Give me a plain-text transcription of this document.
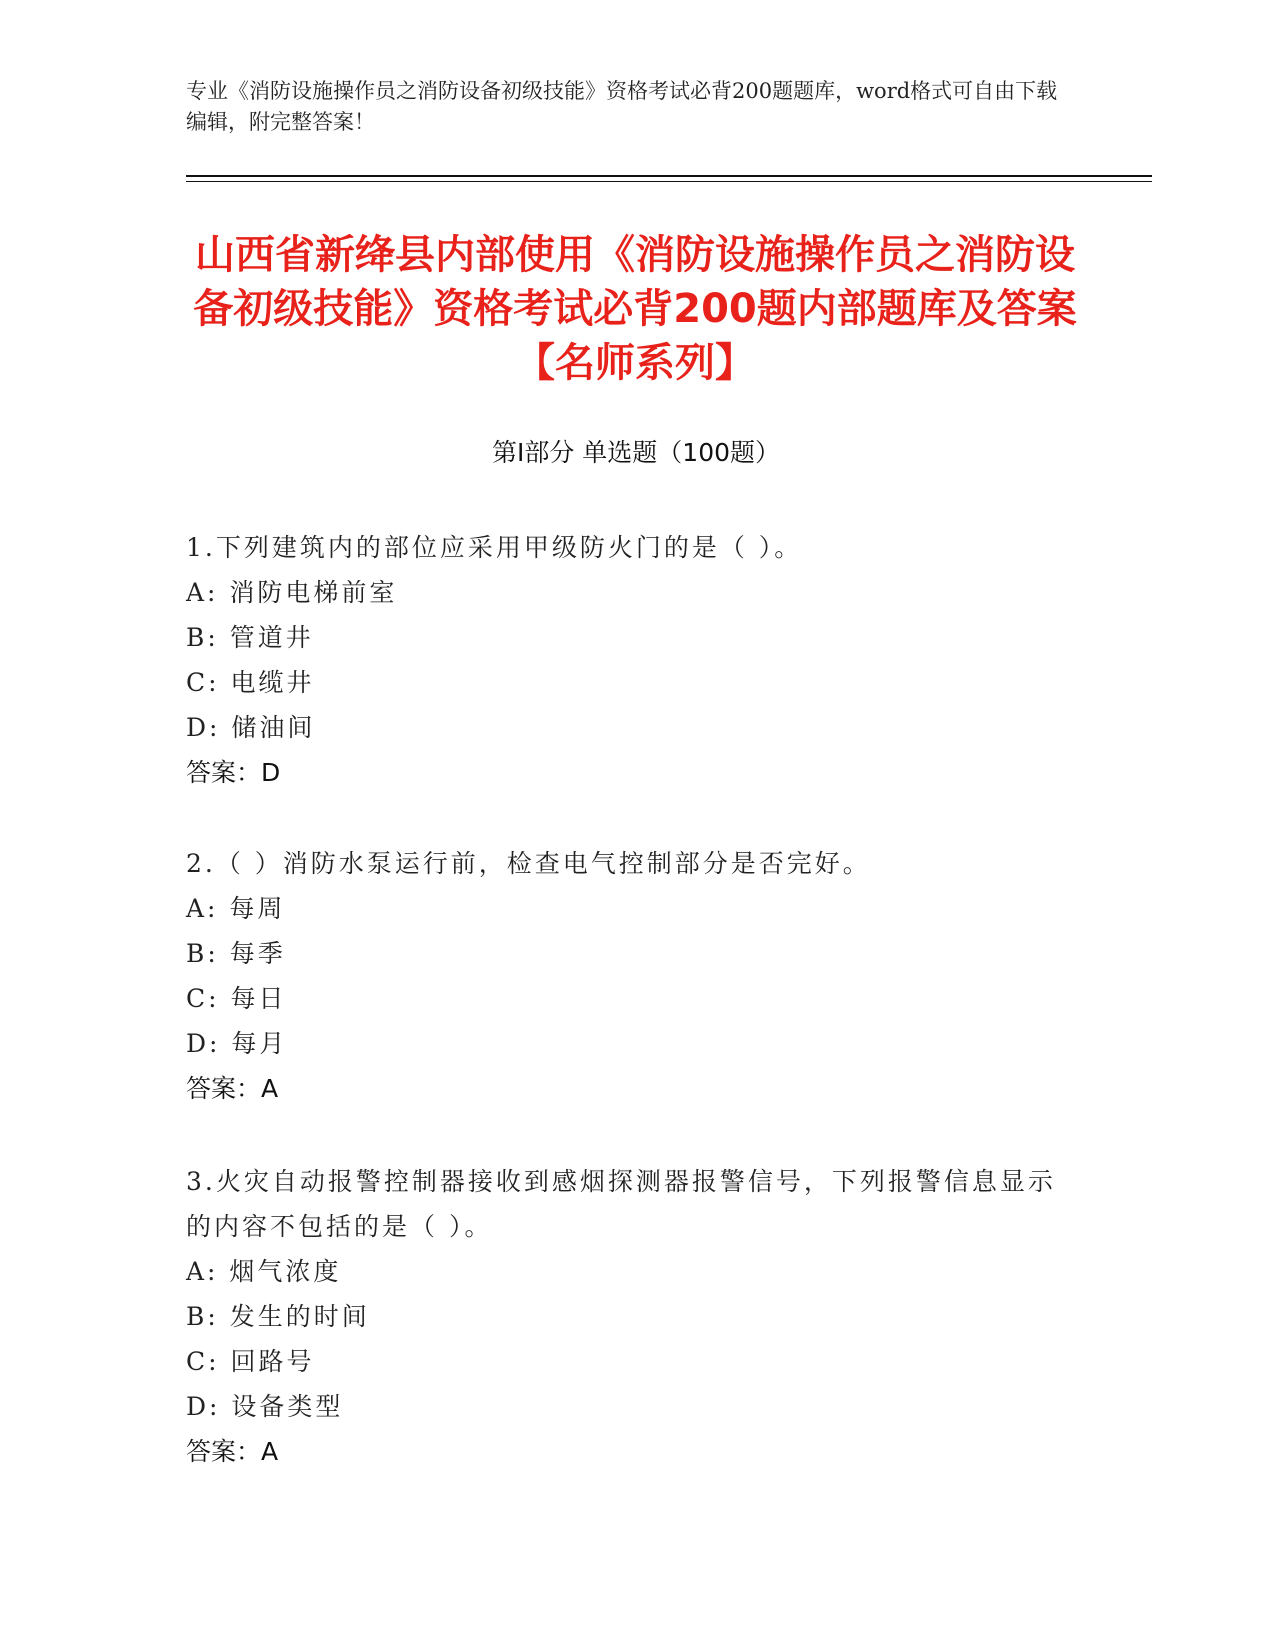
专业《消防设施操作员之消防设备初级技能》资格考试必背200题题库，word格式可自由下载编辑，附完整答案！
山西省新绛县内部使用《消防设施操作员之消防设备初级技能》资格考试必背200题内部题库及答案【名师系列】
第I部分 单选题（100题）
1.下列建筑内的部位应采用甲级防火门的是（ ）。
A: 消防电梯前室
B: 管道井
C: 电缆井
D: 储油间
答案：D
2.（ ）消防水泵运行前，检查电气控制部分是否完好。
A: 每周
B: 每季
C: 每日
D: 每月
答案：A
3.火灾自动报警控制器接收到感烟探测器报警信号，下列报警信息显示的内容不包括的是（ ）。
A: 烟气浓度
B: 发生的时间
C: 回路号
D: 设备类型
答案：A
